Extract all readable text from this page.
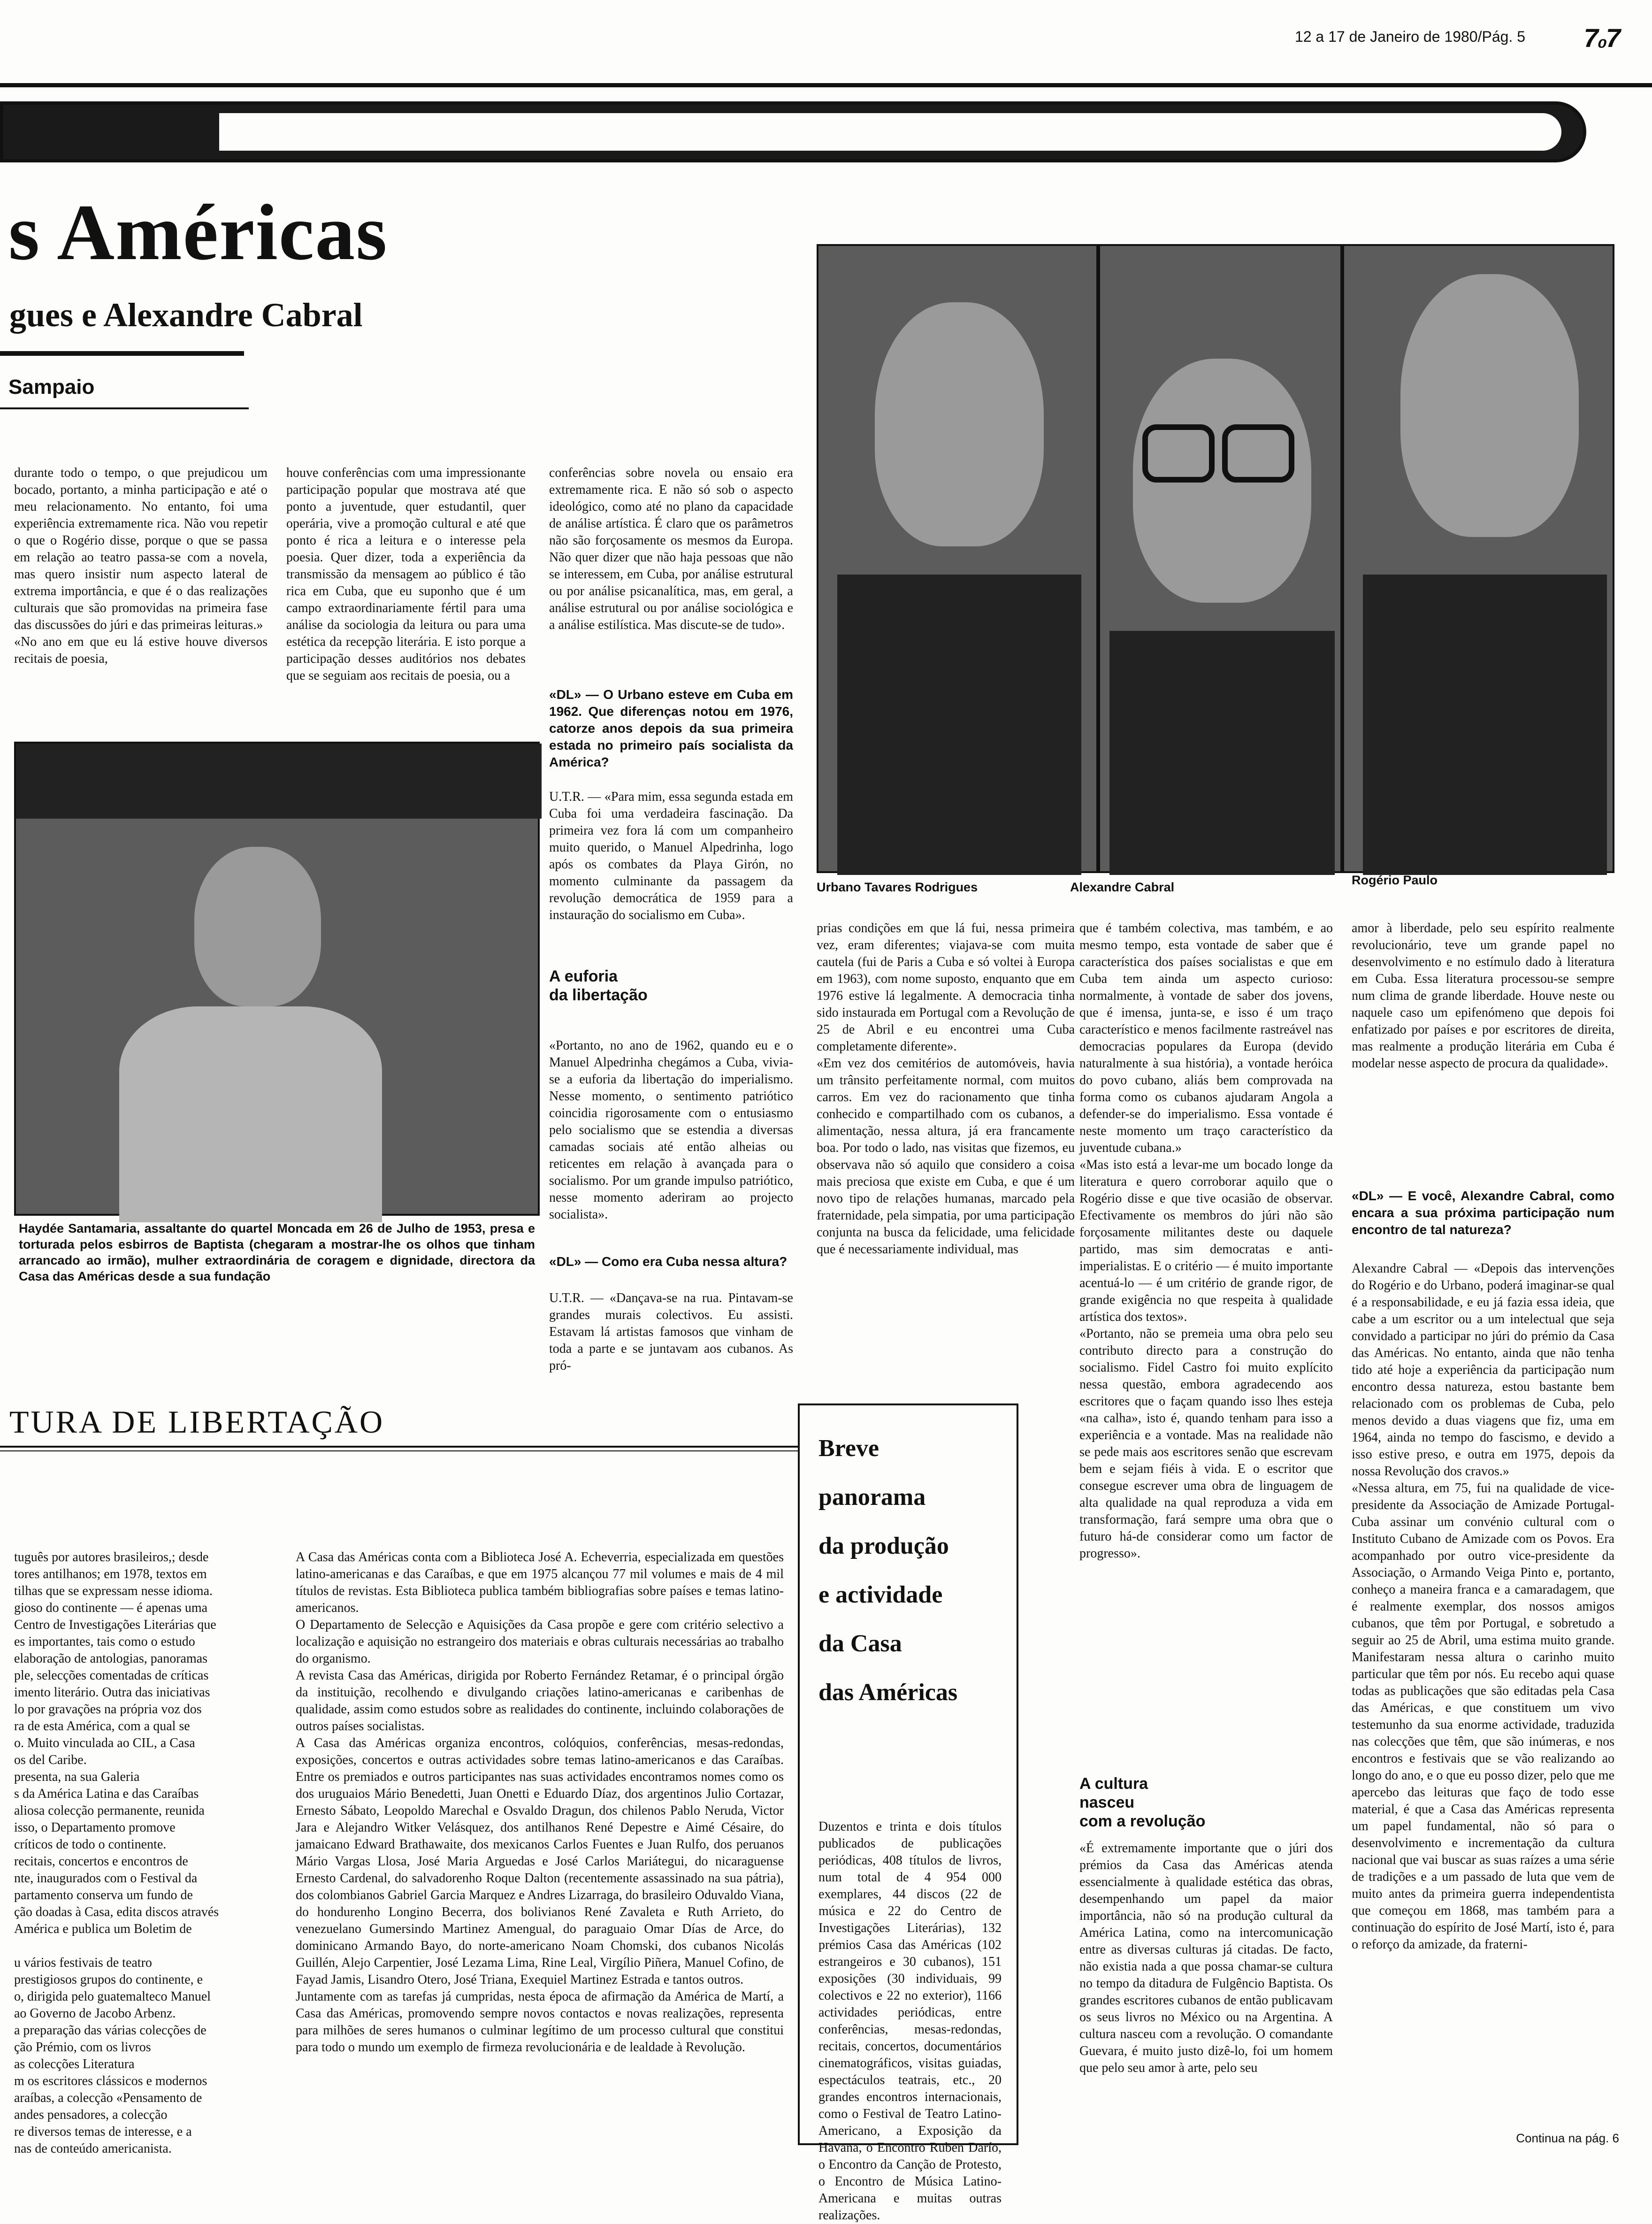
12 a 17 de Janeiro de 1980/Pág. 5 7₀7
s Américas
gues e Alexandre Cabral
Sampaio
durante todo o tempo, o que prejudicou um bocado, portanto, a minha participação e até o meu relacionamento. No entanto, foi uma experiência extremamente rica. Não vou repetir o que o Rogério disse, porque o que se passa em relação ao teatro passa-se com a novela, mas quero insistir num aspecto lateral de extrema importância, e que é o das realizações culturais que são promovidas na primeira fase das discussões do júri e das primeiras leituras.»
«No ano em que eu lá estive houve diversos recitais de poesia,
houve conferências com uma impressionante participação popular que mostrava até que ponto a juventude, quer estudantil, quer operária, vive a promoção cultural e até que ponto é rica a leitura e o interesse pela poesia. Quer dizer, toda a experiência da transmissão da mensagem ao público é tão rica em Cuba, que eu suponho que é um campo extraordinariamente fértil para uma análise da sociologia da leitura ou para uma estética da recepção literária. E isto porque a participação desses auditórios nos debates que se seguiam aos recitais de poesia, ou a
conferências sobre novela ou ensaio era extremamente rica. E não só sob o aspecto ideológico, como até no plano da capacidade de análise artística. É claro que os parâmetros não são forçosamente os mesmos da Europa. Não quer dizer que não haja pessoas que não se interessem, em Cuba, por análise estrutural ou por análise psicanalítica, mas, em geral, a análise estrutural ou por análise sociológica e a análise estilística. Mas discute-se de tudo».
«DL» — O Urbano esteve em Cuba em 1962. Que diferenças notou em 1976, catorze anos depois da sua primeira estada no primeiro país socialista da América?
U.T.R. — «Para mim, essa segunda estada em Cuba foi uma verdadeira fascinação. Da primeira vez fora lá com um companheiro muito querido, o Manuel Alpedrinha, logo após os combates da Playa Girón, no momento culminante da passagem da revolução democrática de 1959 para a instauração do socialismo em Cuba».
A euforia
da libertação
«Portanto, no ano de 1962, quando eu e o Manuel Alpedrinha chegámos a Cuba, vivia-se a euforia da libertação do imperialismo. Nesse momento, o sentimento patriótico coincidia rigorosamente com o entusiasmo pelo socialismo que se estendia a diversas camadas sociais até então alheias ou reticentes em relação à avançada para o socialismo. Por um grande impulso patriótico, nesse momento aderiram ao projecto socialista».
«DL» — Como era Cuba nessa altura?
U.T.R. — «Dançava-se na rua. Pintavam-se grandes murais colectivos. Eu assisti. Estavam lá artistas famosos que vinham de toda a parte e se juntavam aos cubanos. As pró-
Urbano Tavares Rodrigues	Alexandre Cabral	Rogério Paulo
Haydée Santamaria, assaltante do quartel Moncada em 26 de Julho de 1953, presa e torturada pelos esbirros de Baptista (chegaram a mostrar-lhe os olhos que tinham arrancado ao irmão), mulher extraordinária de coragem e dignidade, directora da Casa das Américas desde a sua fundação
prias condições em que lá fui, nessa primeira vez, eram diferentes; viajava-se com muita cautela (fui de Paris a Cuba e só voltei à Europa em 1963), com nome suposto, enquanto que em 1976 estive lá legalmente. A democracia tinha sido instaurada em Portugal com a Revolução de 25 de Abril e eu encontrei uma Cuba completamente diferente».
«Em vez dos cemitérios de automóveis, havia um trânsito perfeitamente normal, com muitos carros. Em vez do racionamento que tinha conhecido e compartilhado com os cubanos, a alimentação, nessa altura, já era francamente boa. Por todo o lado, nas visitas que fizemos, eu observava não só aquilo que considero a coisa mais preciosa que existe em Cuba, e que é um novo tipo de relações humanas, marcado pela fraternidade, pela simpatia, por uma participação conjunta na busca da felicidade, uma felicidade que é necessariamente individual, mas
que é também colectiva, mas também, e ao mesmo tempo, esta vontade de saber que é característica dos países socialistas e que em Cuba tem ainda um aspecto curioso: normalmente, à vontade de saber dos jovens, que é imensa, junta-se, e isso é um traço característico e menos facilmente rastreável nas democracias populares da Europa (devido naturalmente à sua história), a vontade heróica do povo cubano, aliás bem comprovada na forma como os cubanos ajudaram Angola a defender-se do imperialismo. Essa vontade é neste momento um traço característico da juventude cubana.»
«Mas isto está a levar-me um bocado longe da literatura e quero corroborar aquilo que o Rogério disse e que tive ocasião de observar. Efectivamente os membros do júri não são forçosamente militantes deste ou daquele partido, mas sim democratas e anti-imperialistas. E o critério — é muito importante acentuá-lo — é um critério de grande rigor, de grande exigência no que respeita à qualidade artística dos textos».
«Portanto, não se premeia uma obra pelo seu contributo directo para a construção do socialismo. Fidel Castro foi muito explícito nessa questão, embora agradecendo aos escritores que o façam quando isso lhes esteja «na calha», isto é, quando tenham para isso a experiência e a vontade. Mas na realidade não se pede mais aos escritores senão que escrevam bem e sejam fiéis à vida. E o escritor que consegue escrever uma obra de linguagem de alta qualidade na qual reproduza a vida em transformação, fará sempre uma obra que o futuro há-de considerar como um factor de progresso».
A cultura
nasceu
com a revolução
«É extremamente importante que o júri dos prémios da Casa das Américas atenda essencialmente à qualidade estética das obras, desempenhando um papel da maior importância, não só na produção cultural da América Latina, como na intercomunicação entre as diversas culturas já citadas. De facto, não existia nada a que possa chamar-se cultura no tempo da ditadura de Fulgêncio Baptista. Os grandes escritores cubanos de então publicavam os seus livros no México ou na Argentina. A cultura nasceu com a revolução. O comandante Guevara, é muito justo dizê-lo, foi um homem que pelo seu amor à arte, pelo seu
amor à liberdade, pelo seu espírito realmente revolucionário, teve um grande papel no desenvolvimento e no estímulo dado à literatura em Cuba. Essa literatura processou-se sempre num clima de grande liberdade. Houve neste ou naquele caso um epifenómeno que depois foi enfatizado por países e por escritores de direita, mas realmente a produção literária em Cuba é modelar nesse aspecto de procura da qualidade».
«DL» — E você, Alexandre Cabral, como encara a sua próxima participação num encontro de tal natureza?
Alexandre Cabral — «Depois das intervenções do Rogério e do Urbano, poderá imaginar-se qual é a responsabilidade, e eu já fazia essa ideia, que cabe a um escritor ou a um intelectual que seja convidado a participar no júri do prémio da Casa das Américas. No entanto, ainda que não tenha tido até hoje a experiência da participação num encontro dessa natureza, estou bastante bem relacionado com os problemas de Cuba, pelo menos devido a duas viagens que fiz, uma em 1964, ainda no tempo do fascismo, e devido a isso estive preso, e outra em 1975, depois da nossa Revolução dos cravos.»
«Nessa altura, em 75, fui na qualidade de vice-presidente da Associação de Amizade Portugal-Cuba assinar um convénio cultural com o Instituto Cubano de Amizade com os Povos. Era acompanhado por outro vice-presidente da Associação, o Armando Veiga Pinto e, portanto, conheço a maneira franca e a camaradagem, que é realmente exemplar, dos nossos amigos cubanos, que têm por Portugal, e sobretudo a seguir ao 25 de Abril, uma estima muito grande. Manifestaram nessa altura o carinho muito particular que têm por nós. Eu recebo aqui quase todas as publicações que são editadas pela Casa das Américas, e que constituem um vivo testemunho da sua enorme actividade, traduzida nas colecções que têm, que são inúmeras, e nos encontros e festivais que se vão realizando ao longo do ano, e o que eu posso dizer, pelo que me apercebo das leituras que faço de todo esse material, é que a Casa das Américas representa um papel fundamental, não só para o desenvolvimento e incrementação da cultura nacional que vai buscar as suas raízes a uma série de tradições e a um passado de luta que vem de muito antes da primeira guerra independentista que começou em 1868, mas também para a continuação do espírito de José Martí, isto é, para o reforço da amizade, da fraterni-
TURA DE LIBERTAÇÃO
tuguês por autores brasileiros,; desde
tores antilhanos; em 1978, textos em
tilhas que se expressam nesse idioma.
gioso do continente — é apenas uma
Centro de Investigações Literárias que
es importantes, tais como o estudo
elaboração de antologias, panoramas
ple, selecções comentadas de críticas
imento literário. Outra das iniciativas
lo por gravações na própria voz dos
ra de esta América, com a qual se
o. Muito vinculada ao CIL, a Casa
os del Caribe.
presenta, na sua Galeria
s da América Latina e das Caraíbas
aliosa colecção permanente, reunida
isso, o Departamento promove
críticos de todo o continente.
recitais, concertos e encontros de
nte, inaugurados com o Festival da
partamento conserva um fundo de
ção doadas à Casa, edita discos através
América e publica um Boletim de

u vários festivais de teatro
prestigiosos grupos do continente, e
o, dirigida pelo guatemalteco Manuel
ao Governo de Jacobo Arbenz.
a preparação das várias colecções de
ção Prémio, com os livros
as colecções Literatura
m os escritores clássicos e modernos
araíbas, a colecção «Pensamento de
andes pensadores, a colecção
re diversos temas de interesse, e a
nas de conteúdo americanista.
A Casa das Américas conta com a Biblioteca José A. Echeverria, especializada em questões latino-americanas e das Caraíbas, e que em 1975 alcançou 77 mil volumes e mais de 4 mil títulos de revistas. Esta Biblioteca publica também bibliografias sobre países e temas latino-americanos.
O Departamento de Selecção e Aquisições da Casa propõe e gere com critério selectivo a localização e aquisição no estrangeiro dos materiais e obras culturais necessárias ao trabalho do organismo.
A revista Casa das Américas, dirigida por Roberto Fernández Retamar, é o principal órgão da instituição, recolhendo e divulgando criações latino-americanas e caribenhas de qualidade, assim como estudos sobre as realidades do continente, incluindo colaborações de outros países socialistas.
A Casa das Américas organiza encontros, colóquios, conferências, mesas-redondas, exposições, concertos e outras actividades sobre temas latino-americanos e das Caraíbas. Entre os premiados e outros participantes nas suas actividades encontramos nomes como os dos uruguaios Mário Benedetti, Juan Onetti e Eduardo Díaz, dos argentinos Julio Cortazar, Ernesto Sábato, Leopoldo Marechal e Osvaldo Dragun, dos chilenos Pablo Neruda, Victor Jara e Alejandro Witker Velásquez, dos antilhanos René Depestre e Aimé Césaire, do jamaicano Edward Brathawaite, dos mexicanos Carlos Fuentes e Juan Rulfo, dos peruanos Mário Vargas Llosa, José Maria Arguedas e José Carlos Mariátegui, do nicaraguense Ernesto Cardenal, do salvadorenho Roque Dalton (recentemente assassinado na sua pátria), dos colombianos Gabriel Garcia Marquez e Andres Lizarraga, do brasileiro Oduvaldo Viana, do hondurenho Longino Becerra, dos bolivianos René Zavaleta e Ruth Arrieto, do venezuelano Gumersindo Martinez Amengual, do paraguaio Omar Días de Arce, do dominicano Armando Bayo, do norte-americano Noam Chomski, dos cubanos Nicolás Guillén, Alejo Carpentier, José Lezama Lima, Rine Leal, Virgílio Piñera, Manuel Cofino, de Fayad Jamis, Lisandro Otero, José Triana, Exequiel Martinez Estrada e tantos outros.
Juntamente com as tarefas já cumpridas, nesta época de afirmação da América de Martí, a Casa das Américas, promovendo sempre novos contactos e novas realizações, representa para milhões de seres humanos o culminar legítimo de um processo cultural que constitui para todo o mundo um exemplo de firmeza revolucionária e de lealdade à Revolução.
Breve
panorama
da produção
e actividade
da Casa
das Américas
Duzentos e trinta e dois títulos publicados de publicações periódicas, 408 títulos de livros, num total de 4 954 000 exemplares, 44 discos (22 de música e 22 do Centro de Investigações Literárias), 132 prémios Casa das Américas (102 estrangeiros e 30 cubanos), 151 exposições (30 individuais, 99 colectivos e 22 no exterior), 1166 actividades periódicas, entre conferências, mesas-redondas, recitais, concertos, documentários cinematográficos, visitas guiadas, espectáculos teatrais, etc., 20 grandes encontros internacionais, como o Festival de Teatro Latino-Americano, a Exposição da Havana, o Encontro Ruben Darío, o Encontro da Canção de Protesto, o Encontro de Música Latino-Americana e muitas outras realizações.
Continua na pág. 6
